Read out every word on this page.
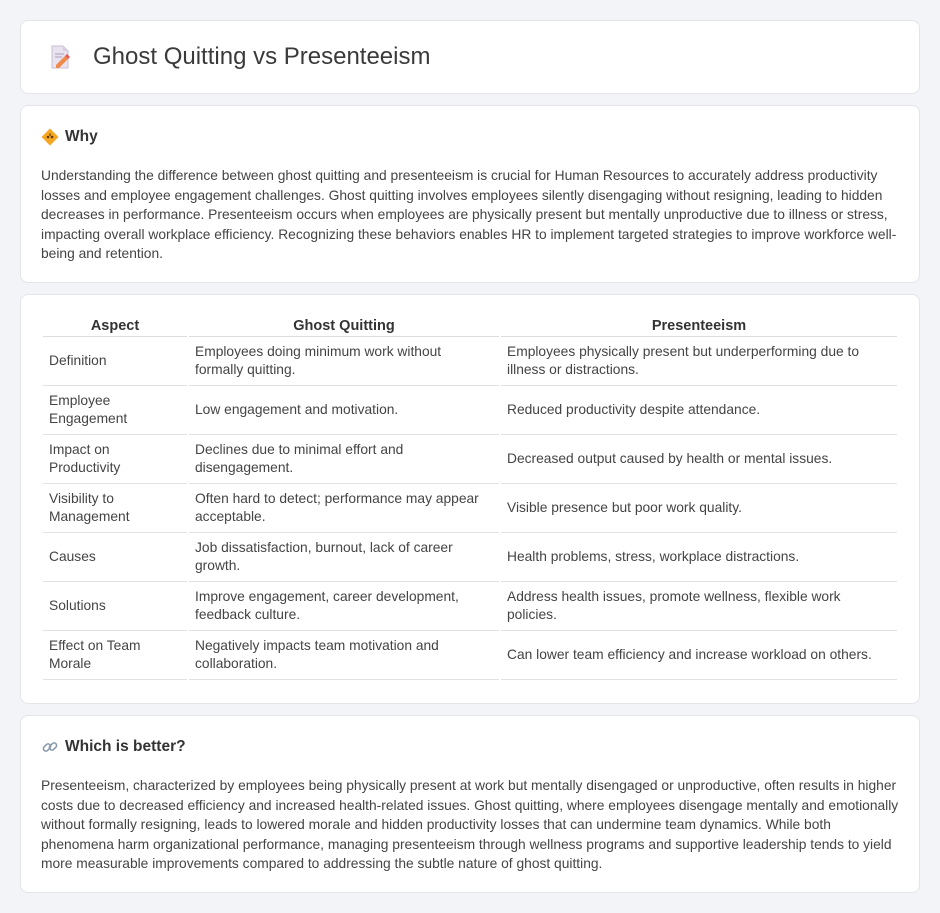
Ghost Quitting vs Presenteeism
Why

Understanding the difference between ghost quitting and presenteeism is crucial for Human Resources to accurately address productivity losses and employee engagement challenges. Ghost quitting involves employees silently disengaging without resigning, leading to hidden decreases in performance. Presenteeism occurs when employees are physically present but mentally unproductive due to illness or stress, impacting overall workplace efficiency. Recognizing these behaviors enables HR to implement targeted strategies to improve workforce well-being and retention.

Aspect	Ghost Quitting	Presenteeism
Definition	Employees doing minimum work without formally quitting.	Employees physically present but underperforming due to illness or distractions.
Employee Engagement	Low engagement and motivation.	Reduced productivity despite attendance.
Impact on Productivity	Declines due to minimal effort and disengagement.	Decreased output caused by health or mental issues.
Visibility to Management	Often hard to detect; performance may appear acceptable.	Visible presence but poor work quality.
Causes	Job dissatisfaction, burnout, lack of career growth.	Health problems, stress, workplace distractions.
Solutions	Improve engagement, career development, feedback culture.	Address health issues, promote wellness, flexible work policies.
Effect on Team Morale	Negatively impacts team motivation and collaboration.	Can lower team efficiency and increase workload on others.
Which is better?

Presenteeism, characterized by employees being physically present at work but mentally disengaged or unproductive, often results in higher costs due to decreased efficiency and increased health-related issues. Ghost quitting, where employees disengage mentally and emotionally without formally resigning, leads to lowered morale and hidden productivity losses that can undermine team dynamics. While both phenomena harm organizational performance, managing presenteeism through wellness programs and supportive leadership tends to yield more measurable improvements compared to addressing the subtle nature of ghost quitting.
